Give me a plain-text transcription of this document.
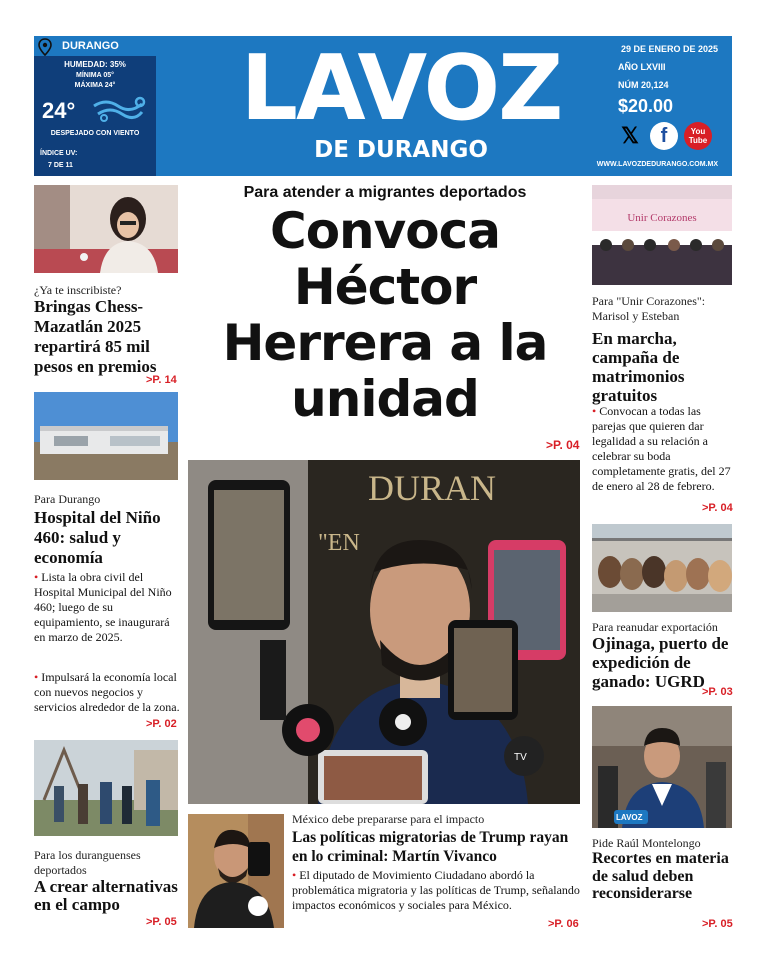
DURANGO
HUMEDAD: 35%
MÍNIMA 05°
MÁXIMA 24°
24°
DESPEJADO CON VIENTO
ÍNDICE UV:
7 DE 11
LAVOZ
DE DURANGO
29 DE ENERO DE 2025
AÑO LXVIII
NÚM 20,124
$20.00
𝕏	f	You
Tube
WWW.LAVOZDEDURANGO.COM.MX
¿Ya te inscribiste?
Bringas Chess-Mazatlán 2025 repartirá 85 mil pesos en premios
>P. 14
Para Durango
Hospital del Niño 460: salud y economía
• Lista la obra civil del Hospital Municipal del Niño 460; luego de su equipamiento, se inaugurará en marzo de 2025.
• Impulsará la economía local con nuevos negocios y servicios alrededor de la zona.
>P. 02
Para los duranguenses deportados
A crear alternativas en el campo
>P. 05
Para atender a migrantes deportados
Convoca Héctor Herrera a la unidad
>P. 04
DURAN
"EN
TV
México debe prepararse para el impacto
Las políticas migratorias de Trump rayan en lo criminal: Martín Vivanco
• El diputado de Movimiento Ciudadano abordó la problemática migratoria y las políticas de Trump, señalando impactos económicos y sociales para México.
>P. 06
Unir Corazones
Para "Unir Corazones": Marisol y Esteban
En marcha, campaña de matrimonios gratuitos
• Convocan a todas las parejas que quieren dar legalidad a su relación a celebrar su boda completamente gratis, del 27 de enero al 28 de febrero.
>P. 04
Para reanudar exportación
Ojinaga, puerto de expedición de ganado: UGRD
>P. 03
LAVOZ
Pide Raúl Montelongo
Recortes en materia de salud deben reconsiderarse
>P. 05
